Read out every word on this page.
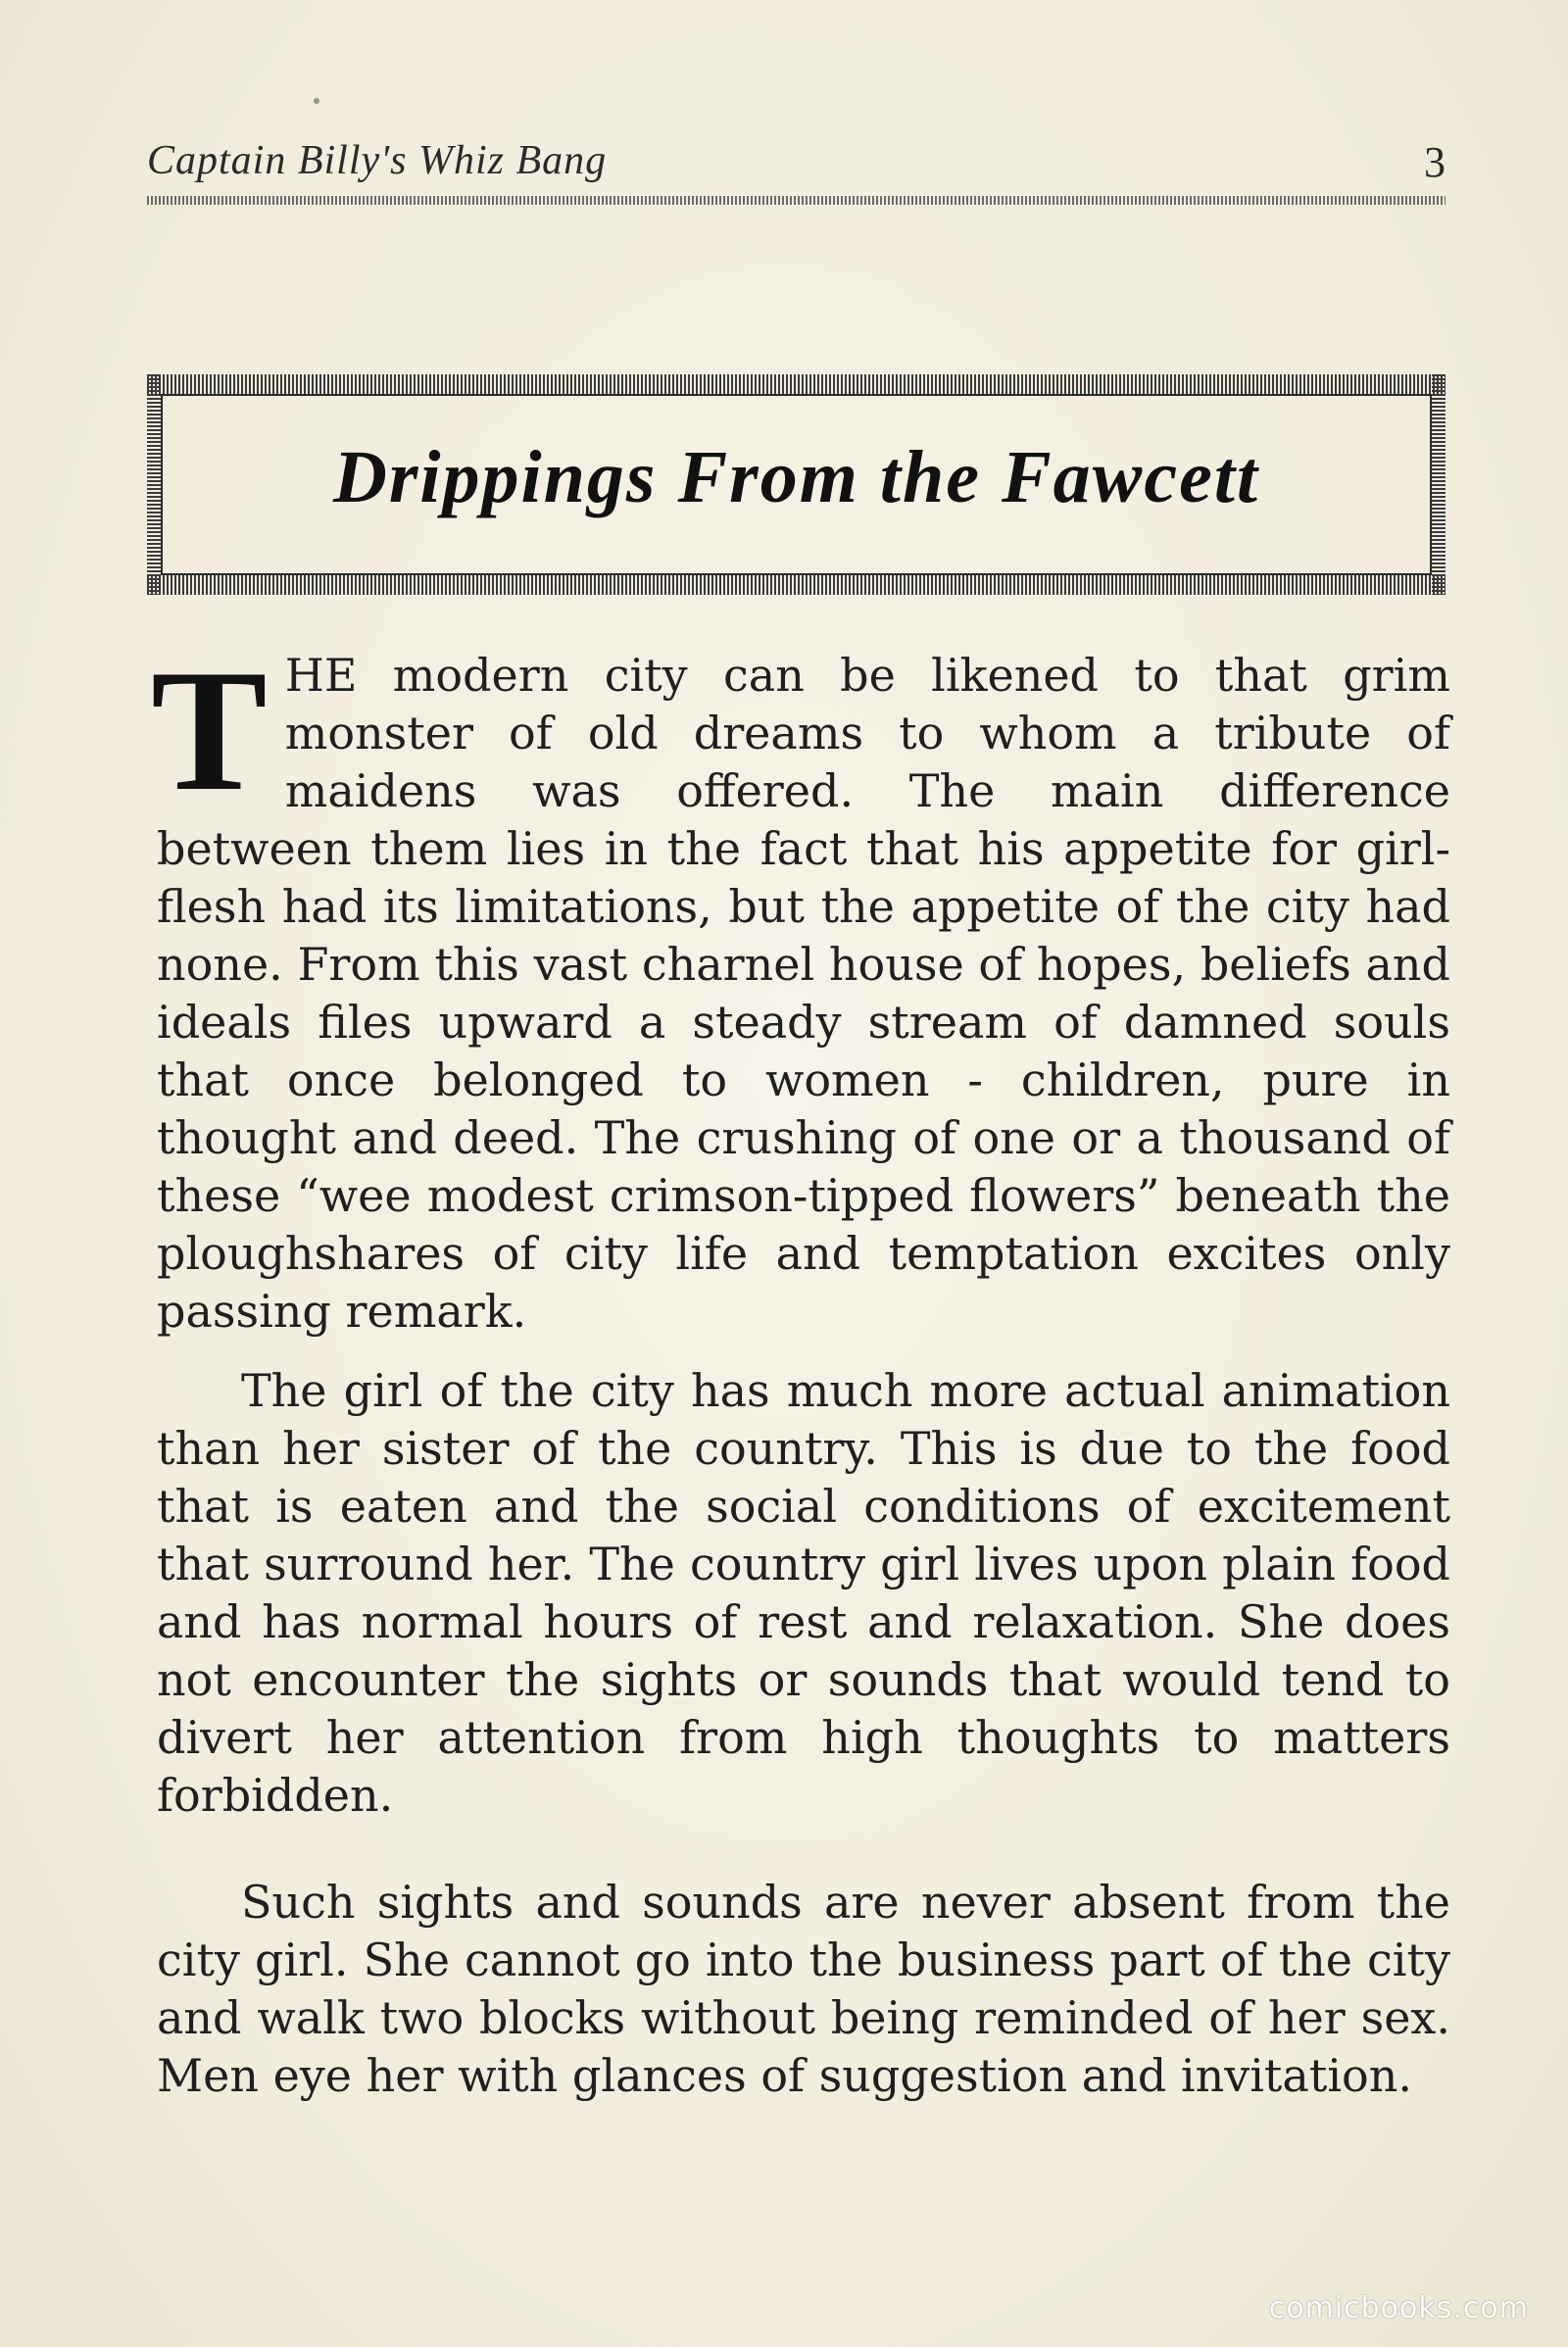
Captain Billy's Whiz Bang	3
Drippings From the Fawcett

THE modern city can be likened to that grim monster of old dreams to whom a tribute of maidens was offered. The main difference between them lies in the fact that his appetite for girl-flesh had its limitations, but the appetite of the city had none. From this vast charnel house of hopes, beliefs and ideals files upward a steady stream of damned souls that once belonged to women - children, pure in thought and deed. The crushing of one or a thousand of these “wee modest crimson-tipped flowers” beneath the ploughshares of city life and temptation excites only passing remark.

The girl of the city has much more actual animation than her sister of the country. This is due to the food that is eaten and the social conditions of excitement that surround her. The country girl lives upon plain food and has normal hours of rest and relaxation. She does not encounter the sights or sounds that would tend to divert her attention from high thoughts to matters forbidden.

Such sights and sounds are never absent from the city girl. She cannot go into the business part of the city and walk two blocks without being reminded of her sex. Men eye her with glances of suggestion and invitation.

comicbooks.com
